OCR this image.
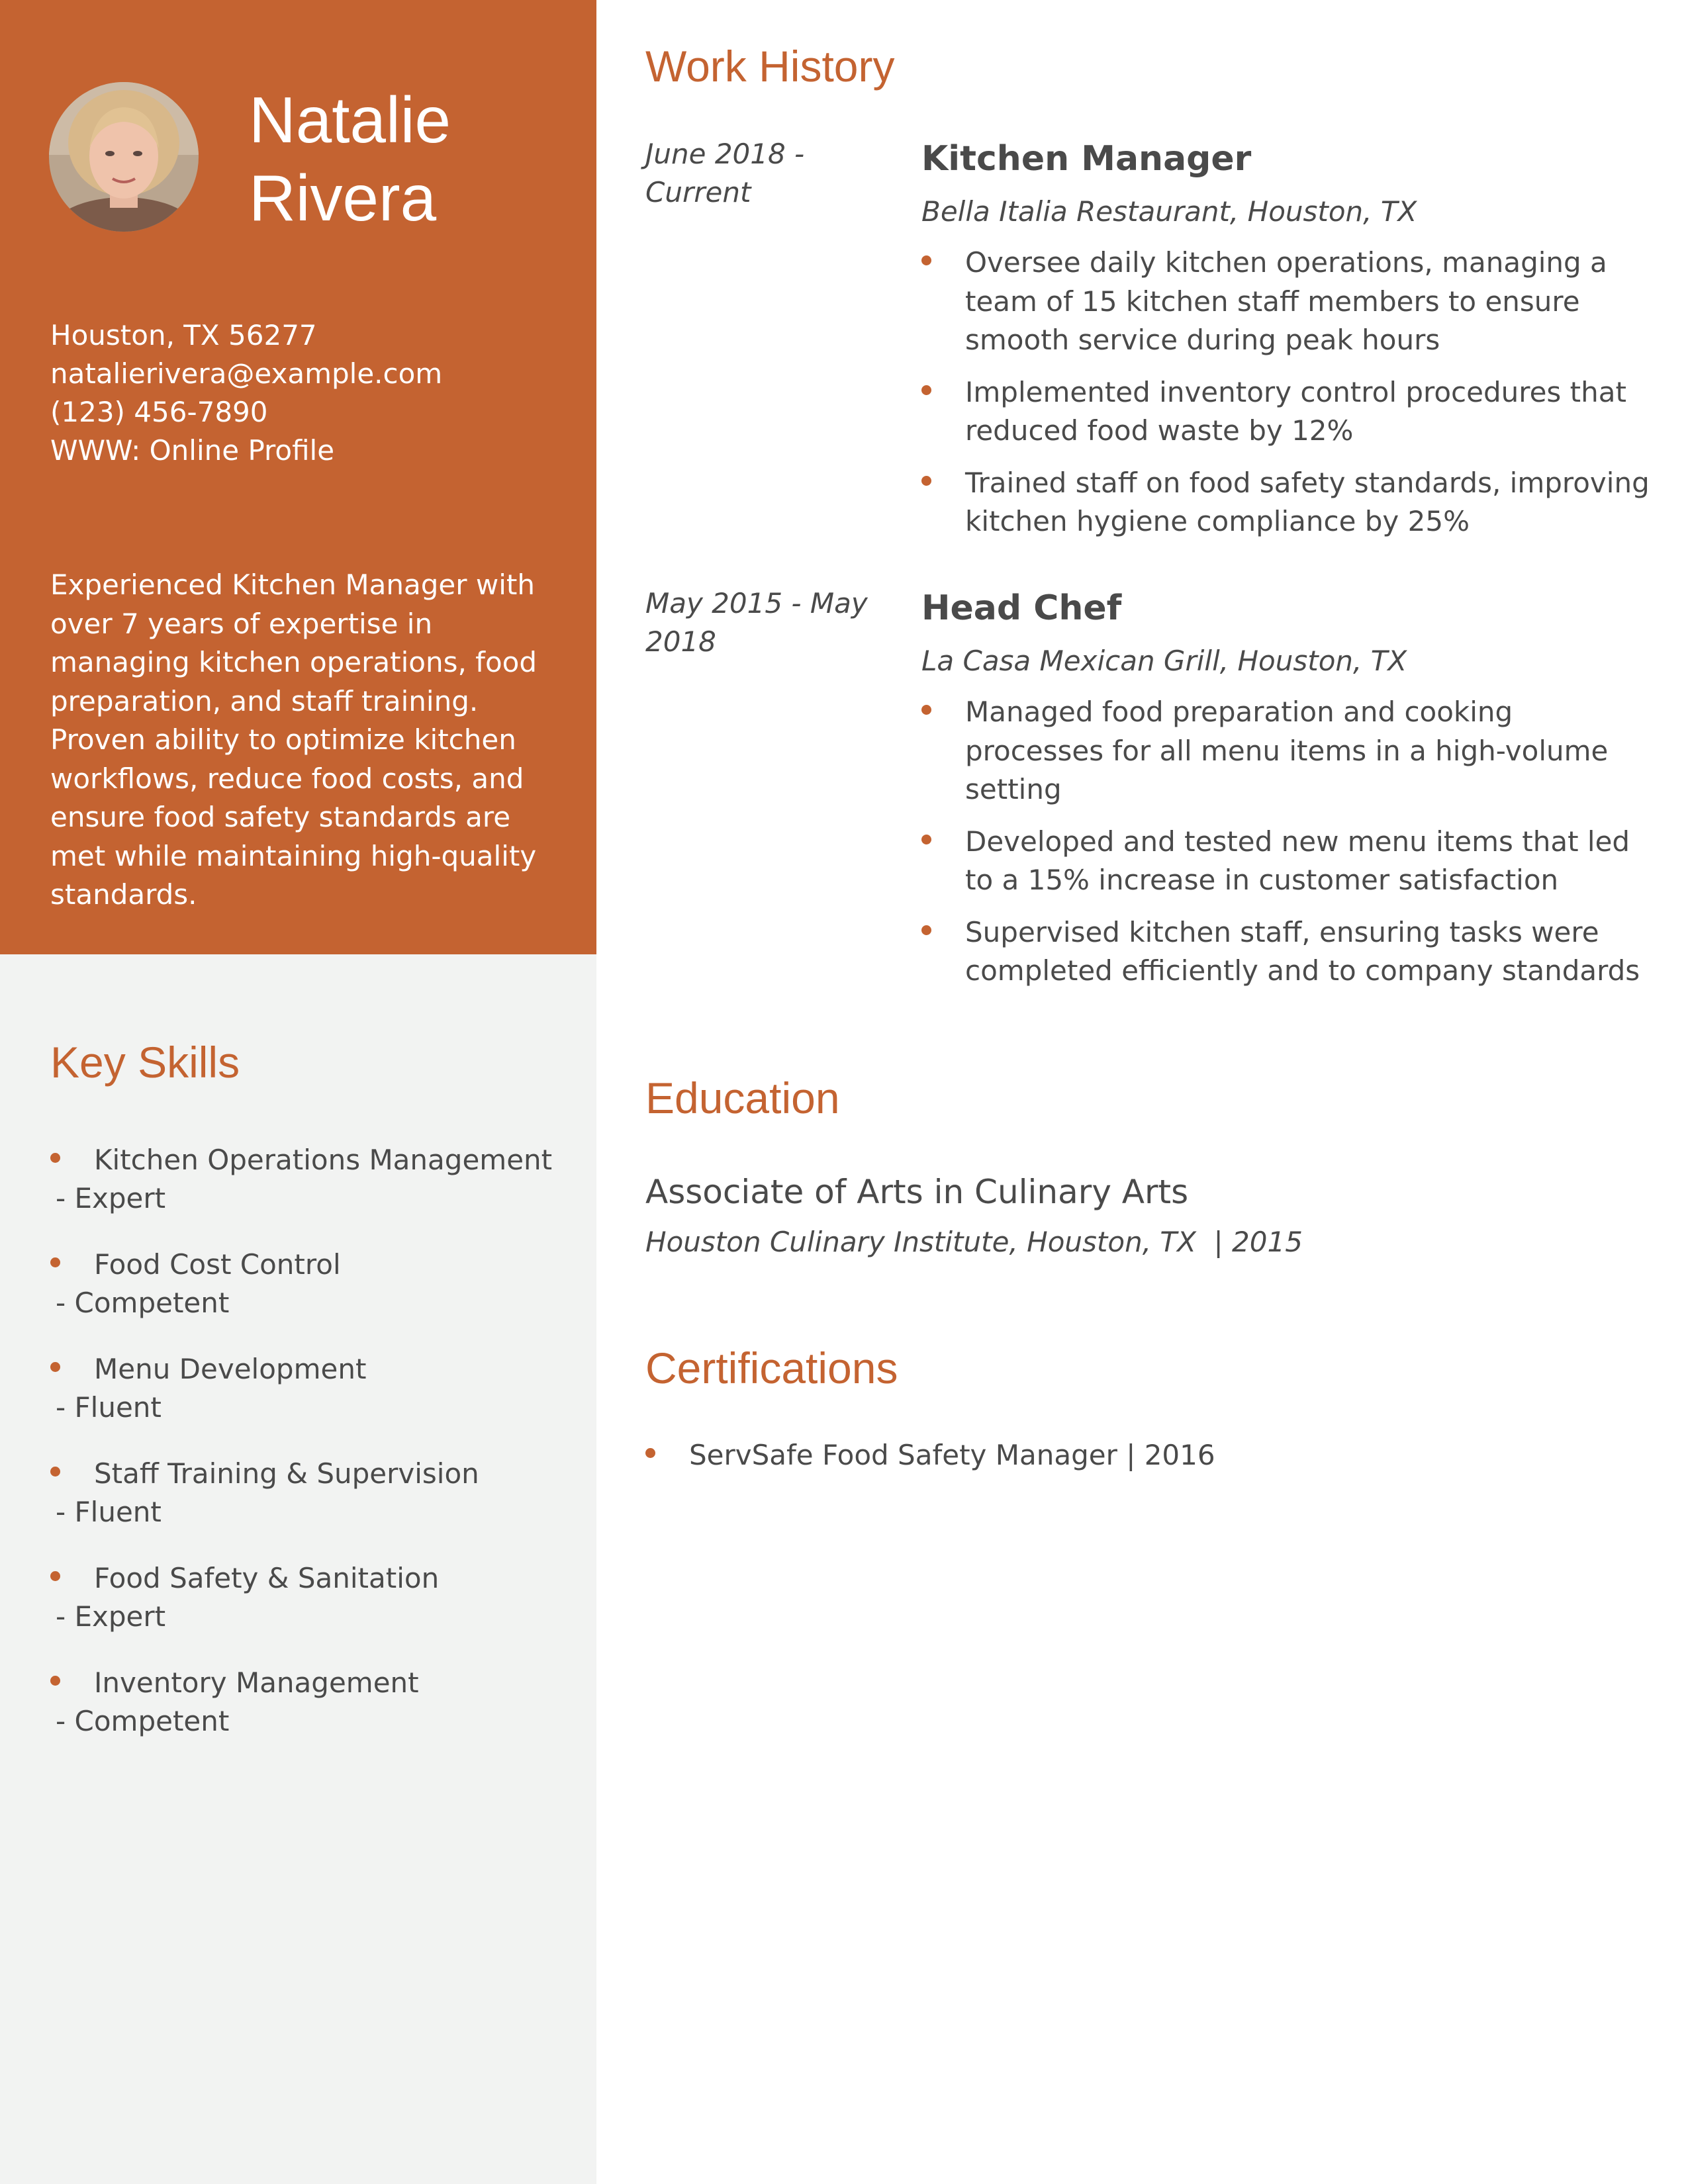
Natalie
Rivera
Houston, TX 56277
natalierivera@example.com
(123) 456-7890
WWW: Online Profile

Experienced Kitchen Manager with over 7 years of expertise in managing kitchen operations, food preparation, and staff training. Proven ability to optimize kitchen workflows, reduce food costs, and ensure food safety standards are met while maintaining high-quality standards.

Key Skills
Kitchen Operations Management
- Expert
Food Cost Control
- Competent
Menu Development
- Fluent
Staff Training & Supervision
- Fluent
Food Safety & Sanitation
- Expert
Inventory Management
- Competent
Work History
June 2018 - Current
Kitchen Manager
Bella Italia Restaurant, Houston, TX
Oversee daily kitchen operations, managing a team of 15 kitchen staff members to ensure smooth service during peak hours
Implemented inventory control procedures that reduced food waste by 12%
Trained staff on food safety standards, improving kitchen hygiene compliance by 25%
May 2015 - May 2018
Head Chef
La Casa Mexican Grill, Houston, TX
Managed food preparation and cooking processes for all menu items in a high-volume setting
Developed and tested new menu items that led to a 15% increase in customer satisfaction
Supervised kitchen staff, ensuring tasks were completed efficiently and to company standards
Education
Associate of Arts in Culinary Arts
Houston Culinary Institute, Houston, TX  | 2015
Certifications
ServSafe Food Safety Manager | 2016
